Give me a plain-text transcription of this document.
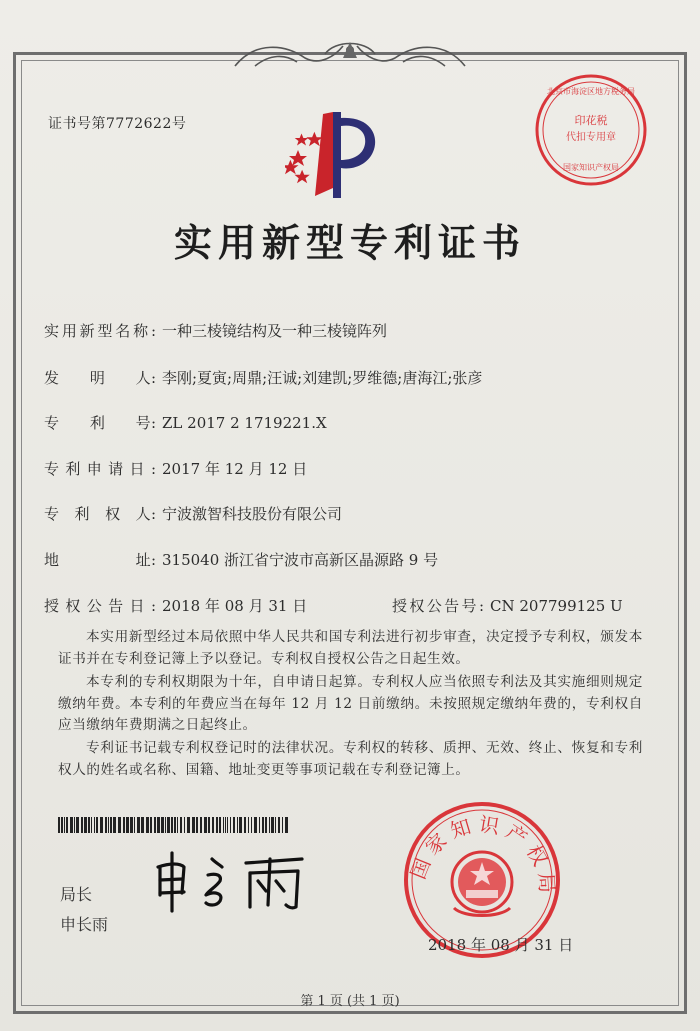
证书号第7772622号	印花税
代扣专用章
北京市海淀区地方税务局
国家知识产权局
实用新型专利证书
实用新型名称: 一种三棱镜结构及一种三棱镜阵列
发　　明　　人: 李刚;夏寅;周鼎;汪诚;刘建凯;罗维德;唐海江;张彦
专　　利　　号: ZL 2017 2 1719221.X
专利申请日: 2017 年 12 月 12 日
专　利　权　人: 宁波激智科技股份有限公司
地　　　　　址: 315040 浙江省宁波市高新区晶源路 9 号
授权公告日: 2018 年 08 月 31 日	授权公告号: CN 207799125 U
本实用新型经过本局依照中华人民共和国专利法进行初步审查，决定授予专利权，颁发本证书并在专利登记簿上予以登记。专利权自授权公告之日起生效。
本专利的专利权期限为十年，自申请日起算。专利权人应当依照专利法及其实施细则规定缴纳年费。本专利的年费应当在每年 12 月 12 日前缴纳。未按照规定缴纳年费的，专利权自应当缴纳年费期满之日起终止。
专利证书记载专利权登记时的法律状况。专利权的转移、质押、无效、终止、恢复和专利权人的姓名或名称、国籍、地址变更等事项记载在专利登记簿上。
局长
申长雨
国家知识产权局
2018 年 08 月 31 日
第 1 页 (共 1 页)
